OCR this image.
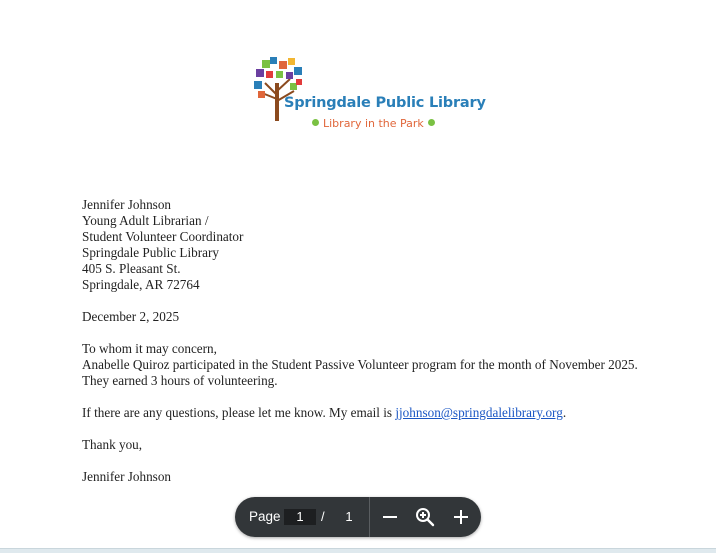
Springdale Public Library
Library in the Park
Jennifer Johnson
Young Adult Librarian /
Student Volunteer Coordinator
Springdale Public Library
405 S. Pleasant St.
Springdale, AR 72764
December 2, 2025
To whom it may concern,
Anabelle Quiroz participated in the Student Passive Volunteer program for the month of November 2025. They earned 3 hours of volunteering.
If there are any questions, please let me know. My email is jjohnson@springdalelibrary.org.
Thank you,
Jennifer Johnson
Page
1	/ 1
